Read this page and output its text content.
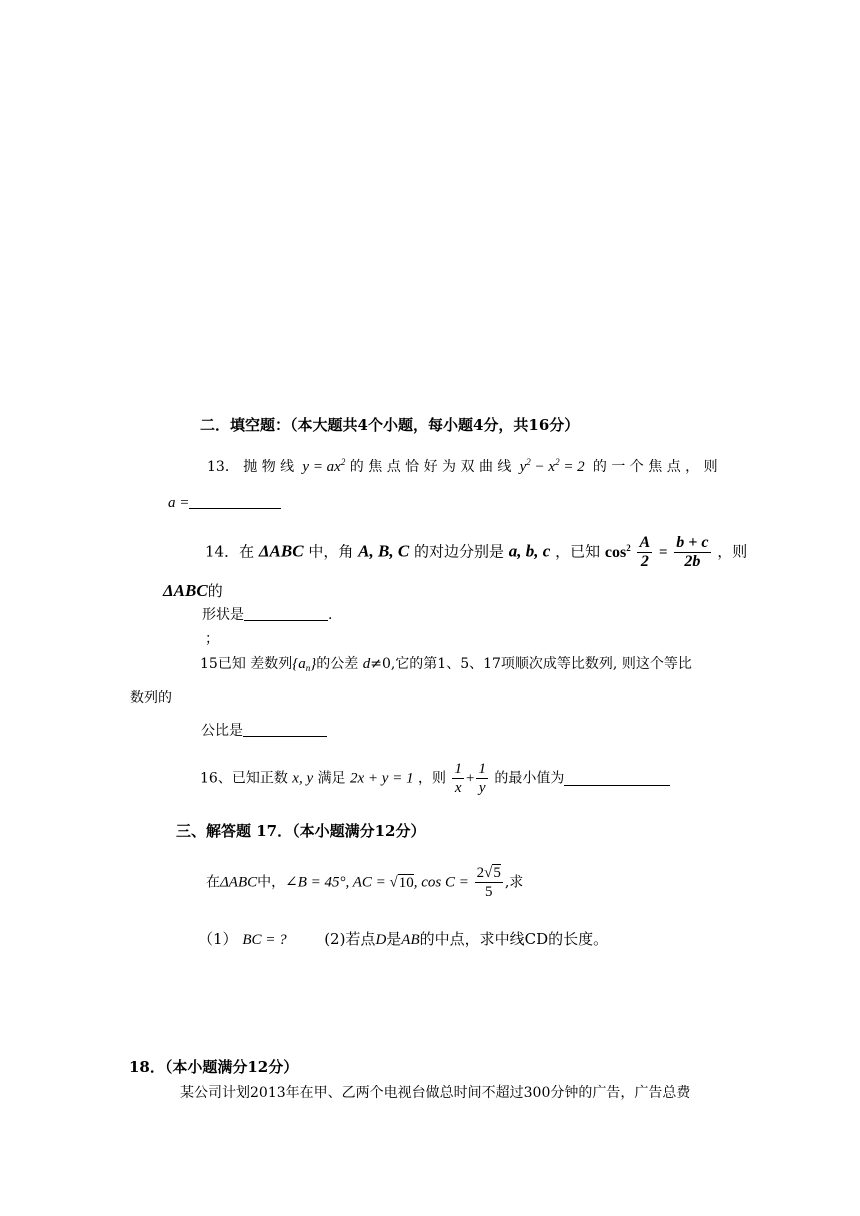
二．填空题：（本大题共4个小题，每小题4分，共16分）
13． 抛 物 线 $y = ax^2$ 的 焦 点 恰 好 为 双 曲 线 $y^2 - x^2 = 2$ 的 一 个 焦 点 ， 则
a =
14．在 ΔABC 中，角 A, B, C 的对边分别是 a, b, c ，已知 $\cos^2 \frac{A}{2} = \frac{b + c}{2b}$ ，则
ΔABC的
形状是	.
；
15已知 差数列$\{a_n\}$的公差 d≠0,它的第1、5、17项顺次成等比数列, 则这个等比
数列的
公比是
16、已知正数 x, y 满足 2x + y = 1 ，则 $\frac{1}{x} + \frac{1}{y}$ 的最小值为
三、解答题 17．（本小题满分12分）
在ΔABC中，∠B = 45°, AC = √10, $\cos C = \frac{2√5}{5}$ ,求
（1） BC = ?	(2)若点D是AB的中点，求中线CD的长度。
18．（本小题满分12分）
某公司计划2013年在甲、乙两个电视台做总时间不超过300分钟的广告，广告总费
